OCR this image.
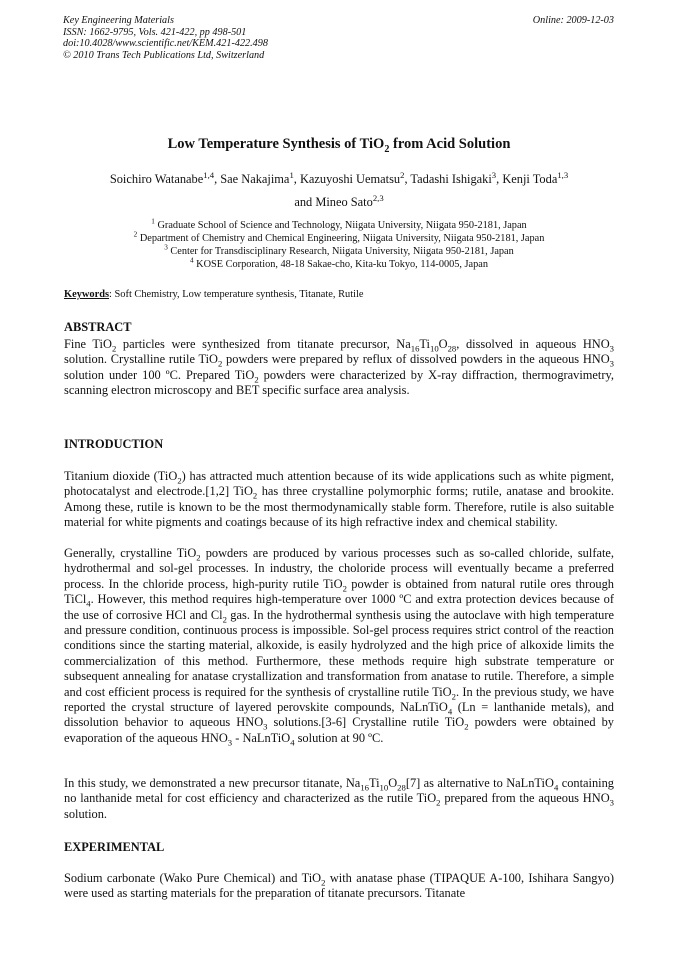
Key Engineering Materials
ISSN: 1662-9795, Vols. 421-422, pp 498-501
doi:10.4028/www.scientific.net/KEM.421-422.498
© 2010 Trans Tech Publications Ltd, Switzerland
Online: 2009-12-03
Low Temperature Synthesis of TiO$_2$ from Acid Solution
Soichiro Watanabe$^{1,4}$, Sae Nakajima$^1$, Kazuyoshi Uematsu$^2$, Tadashi Ishigaki$^3$, Kenji Toda$^{1,3}$
and Mineo Sato$^{2,3}$
$^1$ Graduate School of Science and Technology, Niigata University, Niigata 950-2181, Japan
$^2$ Department of Chemistry and Chemical Engineering, Niigata University, Niigata 950-2181, Japan
$^3$ Center for Transdisciplinary Research, Niigata University, Niigata 950-2181, Japan
$^4$ KOSE Corporation, 48-18 Sakae-cho, Kita-ku Tokyo, 114-0005, Japan
Keywords: Soft Chemistry, Low temperature synthesis, Titanate, Rutile
ABSTRACT

Fine TiO$_2$ particles were synthesized from titanate precursor, $Na_{16}Ti_{10}O_{28}$, dissolved in aqueous $HNO_3$ solution. Crystalline rutile TiO$_2$ powders were prepared by reflux of dissolved powders in the aqueous $HNO_3$ solution under 100 ºC. Prepared TiO$_2$ powders were characterized by X-ray diffraction, thermogravimetry, scanning electron microscopy and BET specific surface area analysis.

INTRODUCTION

Titanium dioxide (TiO$_2$) has attracted much attention because of its wide applications such as white pigment, photocatalyst and electrode.[1,2] TiO$_2$ has three crystalline polymorphic forms; rutile, anatase and brookite. Among these, rutile is known to be the most thermodynamically stable form. Therefore, rutile is also suitable material for white pigments and coatings because of its high refractive index and chemical stability.

Generally, crystalline TiO$_2$ powders are produced by various processes such as so-called chloride, sulfate, hydrothermal and sol-gel processes. In industry, the choloride process will eventually became a preferred process. In the chloride process, high-purity rutile TiO$_2$ powder is obtained from natural rutile ores through TiCl$_4$. However, this method requires high-temperature over 1000 ºC and extra protection devices because of the use of corrosive HCl and $Cl_2$ gas. In the hydrothermal synthesis using the autoclave with high temperature and pressure condition, continuous process is impossible. Sol-gel process requires strict control of the reaction conditions since the starting material, alkoxide, is easily hydrolyzed and the high price of alkoxide limits the commercialization of this method. Furthermore, these methods require high substrate temperature or subsequent annealing for anatase crystallization and transformation from anatase to rutile. Therefore, a simple and cost efficient process is required for the synthesis of crystalline rutile TiO$_2$. In the previous study, we have reported the crystal structure of layered perovskite compounds, NaLnTiO$_4$ (Ln = lanthanide metals), and dissolution behavior to aqueous $HNO_3$ solutions.[3-6] Crystalline rutile TiO$_2$ powders were obtained by evaporation of the aqueous $HNO_3$ - NaLnTiO$_4$ solution at 90 ºC.

In this study, we demonstrated a new precursor titanate, $Na_{16}Ti_{10}O_{28}[7]$ as alternative to NaLnTiO$_4$ containing no lanthanide metal for cost efficiency and characterized as the rutile TiO$_2$ prepared from the aqueous $HNO_3$ solution.

EXPERIMENTAL

Sodium carbonate (Wako Pure Chemical) and TiO$_2$ with anatase phase (TIPAQUE A-100, Ishihara Sangyo) were used as starting materials for the preparation of titanate precursors. Titanate
